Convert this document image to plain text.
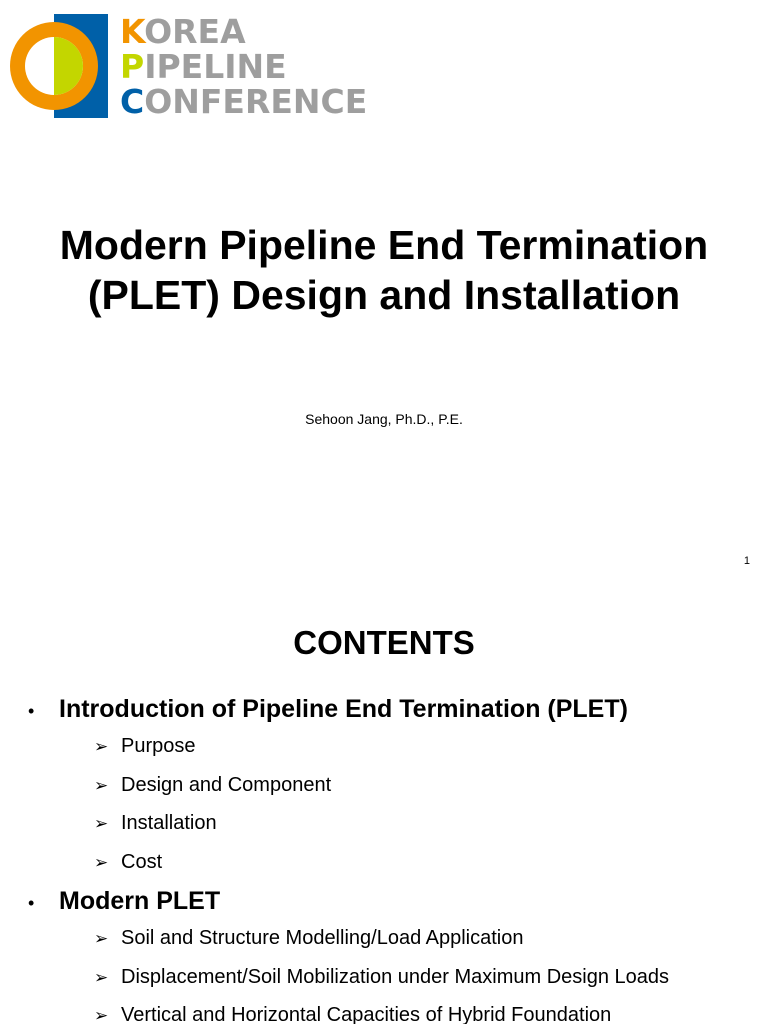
KOREA
PIPELINE
CONFERENCE
Modern Pipeline End Termination
(PLET) Design and Installation

Sehoon Jang, Ph.D., P.E.

1
CONTENTS
• Introduction of Pipeline End Termination (PLET)
➢ Purpose
➢ Design and Component
➢ Installation
➢ Cost
• Modern PLET
➢ Soil and Structure Modelling/Load Application
➢ Displacement/Soil Mobilization under Maximum Design Loads
➢ Vertical and Horizontal Capacities of Hybrid Foundation
